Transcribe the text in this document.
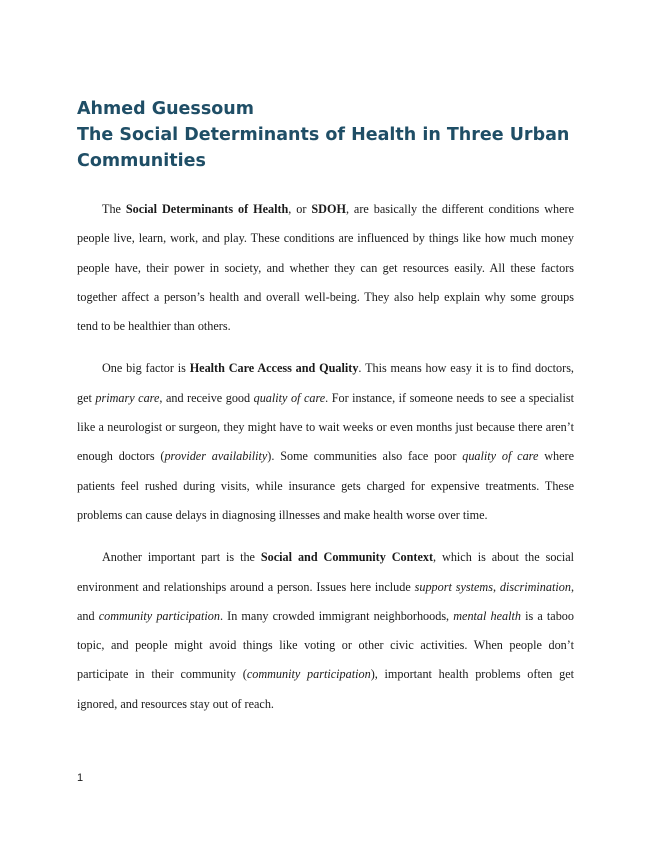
Ahmed Guessoum
The Social Determinants of Health in Three Urban
Communities

The Social Determinants of Health, or SDOH, are basically the different conditions where people live, learn, work, and play. These conditions are influenced by things like how much money people have, their power in society, and whether they can get resources easily. All these factors together affect a person’s health and overall well-being. They also help explain why some groups tend to be healthier than others.

One big factor is Health Care Access and Quality. This means how easy it is to find doctors, get primary care, and receive good quality of care. For instance, if someone needs to see a specialist like a neurologist or surgeon, they might have to wait weeks or even months just because there aren’t enough doctors (provider availability). Some communities also face poor quality of care where patients feel rushed during visits, while insurance gets charged for expensive treatments. These problems can cause delays in diagnosing illnesses and make health worse over time.

Another important part is the Social and Community Context, which is about the social environment and relationships around a person. Issues here include support systems, discrimination, and community participation. In many crowded immigrant neighborhoods, mental health is a taboo topic, and people might avoid things like voting or other civic activities. When people don’t participate in their community (community participation), important health problems often get ignored, and resources stay out of reach.

1
